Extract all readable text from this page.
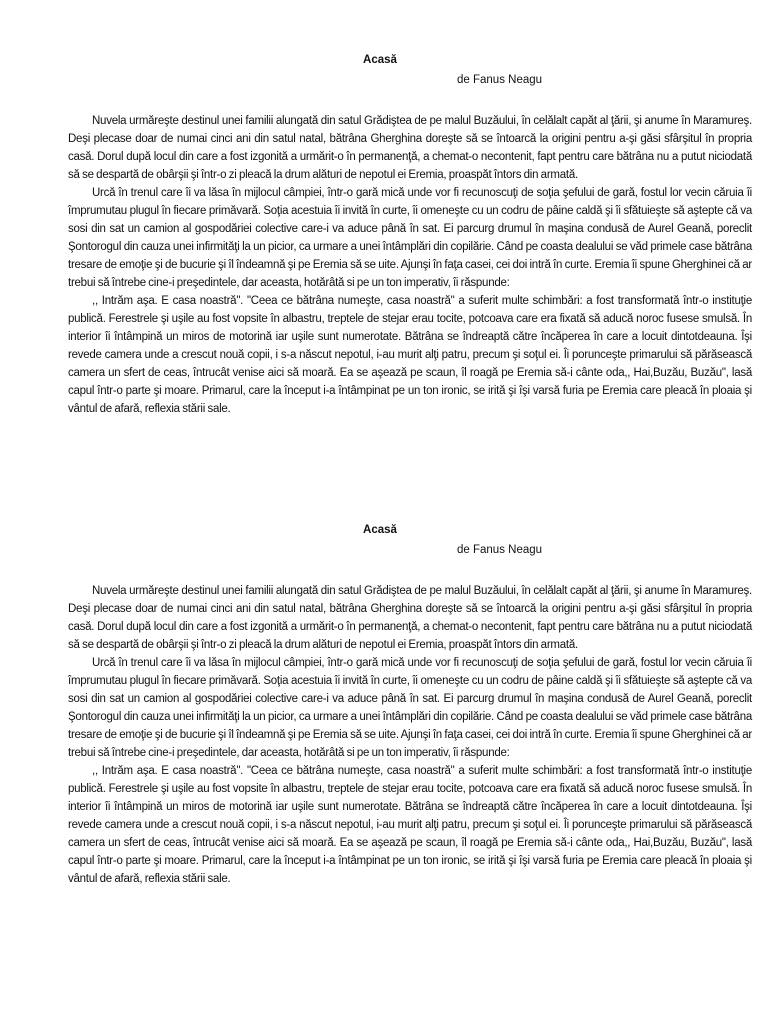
Acasă
de Fanus Neagu

Nuvela urmăreşte destinul unei familii alungată din satul Grădiştea de pe malul Buzăului, în celălalt capăt al ţării, şi anume în Maramureş. Deşi plecase doar de numai cinci ani din satul natal, bătrâna Gherghina doreşte să se întoarcă la origini pentru a-şi găsi sfârşitul în propria casă. Dorul după locul din care a fost izgonită a urmărit-o în permanenţă, a chemat-o necontenit, fapt pentru care bătrâna nu a putut niciodată să se despartă de obârşii şi într-o zi pleacă la drum alături de nepotul ei Eremia, proaspăt întors din armată.

Urcă în trenul care îi va lăsa în mijlocul câmpiei, într-o gară mică unde vor fi recunoscuţi de soţia şefului de gară, fostul lor vecin căruia îi împrumutau plugul în fiecare primăvară. Soţia acestuia îi invită în curte, îi omeneşte cu un codru de pâine caldă şi îi sfătuieşte să aştepte că va sosi din sat un camion al gospodăriei colective care-i va aduce până în sat. Ei parcurg drumul în maşina condusă de Aurel Geană, poreclit Şontorogul din cauza unei infirmităţi la un picior, ca urmare a unei întâmplări din copilărie. Când pe coasta dealului se văd primele case bătrâna tresare de emoţie şi de bucurie şi îl îndeamnă şi pe Eremia să se uite. Ajunşi în faţa casei, cei doi intră în curte. Eremia îi spune Gherghinei că ar trebui să întrebe cine-i preşedintele, dar aceasta, hotărâtă si pe un ton imperativ, îi răspunde:

,, Intrăm aşa. E casa noastră". "Ceea ce bătrâna numeşte, casa noastră" a suferit multe schimbări: a fost transformată într-o instituţie publică. Ferestrele şi uşile au fost vopsite în albastru, treptele de stejar erau tocite, potcoava care era fixată să aducă noroc fusese smulsă. În interior îi întâmpină un miros de motorină iar uşile sunt numerotate. Bătrâna se îndreaptă către încăperea în care a locuit dintotdeauna. Îşi revede camera unde a crescut nouă copii, i s-a născut nepotul, i-au murit alţi patru, precum şi soţul ei. Îi porunceşte primarului să părăsească camera un sfert de ceas, întrucât venise aici să moară. Ea se aşează pe scaun, îl roagă pe Eremia să-i cânte oda,, Hai,Buzău, Buzău", lasă capul într-o parte şi moare. Primarul, care la început i-a întâmpinat pe un ton ironic, se irită şi îşi varsă furia pe Eremia care pleacă în ploaia şi vântul de afară, reflexia stării sale.

Acasă
de Fanus Neagu

Nuvela urmăreşte destinul unei familii alungată din satul Grădiştea de pe malul Buzăului, în celălalt capăt al ţării, şi anume în Maramureş. Deşi plecase doar de numai cinci ani din satul natal, bătrâna Gherghina doreşte să se întoarcă la origini pentru a-şi găsi sfârşitul în propria casă. Dorul după locul din care a fost izgonită a urmărit-o în permanenţă, a chemat-o necontenit, fapt pentru care bătrâna nu a putut niciodată să se despartă de obârşii şi într-o zi pleacă la drum alături de nepotul ei Eremia, proaspăt întors din armată.

Urcă în trenul care îi va lăsa în mijlocul câmpiei, într-o gară mică unde vor fi recunoscuţi de soţia şefului de gară, fostul lor vecin căruia îi împrumutau plugul în fiecare primăvară. Soţia acestuia îi invită în curte, îi omeneşte cu un codru de pâine caldă şi îi sfătuieşte să aştepte că va sosi din sat un camion al gospodăriei colective care-i va aduce până în sat. Ei parcurg drumul în maşina condusă de Aurel Geană, poreclit Şontorogul din cauza unei infirmităţi la un picior, ca urmare a unei întâmplări din copilărie. Când pe coasta dealului se văd primele case bătrâna tresare de emoţie şi de bucurie şi îl îndeamnă şi pe Eremia să se uite. Ajunşi în faţa casei, cei doi intră în curte. Eremia îi spune Gherghinei că ar trebui să întrebe cine-i preşedintele, dar aceasta, hotărâtă si pe un ton imperativ, îi răspunde:

,, Intrăm aşa. E casa noastră". "Ceea ce bătrâna numeşte, casa noastră" a suferit multe schimbări: a fost transformată într-o instituţie publică. Ferestrele şi uşile au fost vopsite în albastru, treptele de stejar erau tocite, potcoava care era fixată să aducă noroc fusese smulsă. În interior îi întâmpină un miros de motorină iar uşile sunt numerotate. Bătrâna se îndreaptă către încăperea în care a locuit dintotdeauna. Îşi revede camera unde a crescut nouă copii, i s-a născut nepotul, i-au murit alţi patru, precum şi soţul ei. Îi porunceşte primarului să părăsească camera un sfert de ceas, întrucât venise aici să moară. Ea se aşează pe scaun, îl roagă pe Eremia să-i cânte oda,, Hai,Buzău, Buzău", lasă capul într-o parte şi moare. Primarul, care la început i-a întâmpinat pe un ton ironic, se irită şi îşi varsă furia pe Eremia care pleacă în ploaia şi vântul de afară, reflexia stării sale.
